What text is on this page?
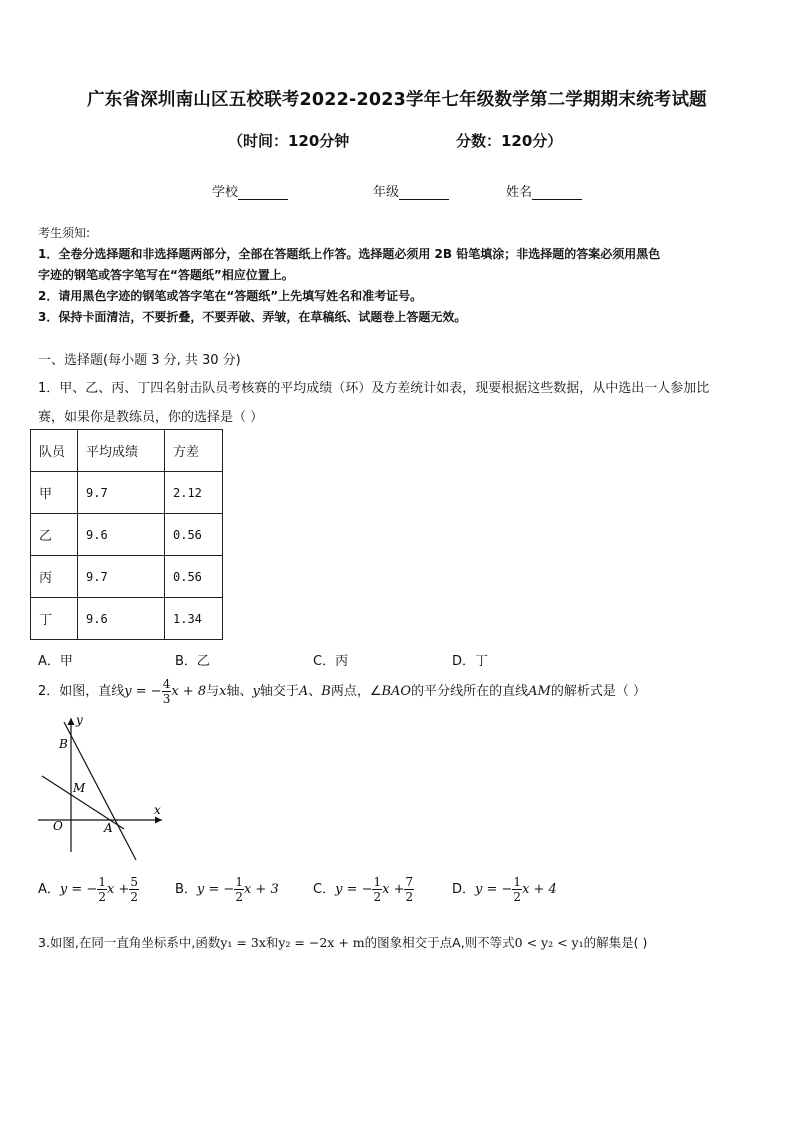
广东省深圳南山区五校联考2022-2023学年七年级数学第二学期期末统考试题
（时间：120分钟	分数：120分）
学校	年级	姓名
考生须知:
1．全卷分选择题和非选择题两部分，全部在答题纸上作答。选择题必须用 2B 铅笔填涂；非选择题的答案必须用黑色
字迹的钢笔或答字笔写在“答题纸”相应位置上。
2．请用黑色字迹的钢笔或答字笔在“答题纸”上先填写姓名和准考证号。
3．保持卡面清洁，不要折叠，不要弄破、弄皱，在草稿纸、试题卷上答题无效。
一、选择题(每小题 3 分, 共 30 分)
1．甲、乙、丙、丁四名射击队员考核赛的平均成绩（环）及方差统计如表，现要根据这些数据，从中选出一人参加比
赛，如果你是教练员，你的选择是（ ）
队员	平均成绩	方差
甲	9.7	2.12
乙	9.6	0.56
丙	9.7	0.56
丁	9.6	1.34
A．甲	B．乙	C．丙	D．丁
2．如图，直线y = − $\frac{4}{3}$ x + 8与x轴、y轴交于A、B两点，∠BAO的平分线所在的直线AM的解析式是（ ）
y
x
B
M
O	A
A．y = − $\frac{1}{2}$ $x + \frac{5}{2}$	B．y = − $\frac{1}{2}$ x + 3	C．y = − $\frac{1}{2}$ $x + \frac{7}{2}$	D．y = − $\frac{1}{2}$ x + 4
3.如图,在同一直角坐标系中,函数y₁ = 3x和y₂ = −2x + m的图象相交于点A,则不等式0 < y₂ < y₁的解集是( )
